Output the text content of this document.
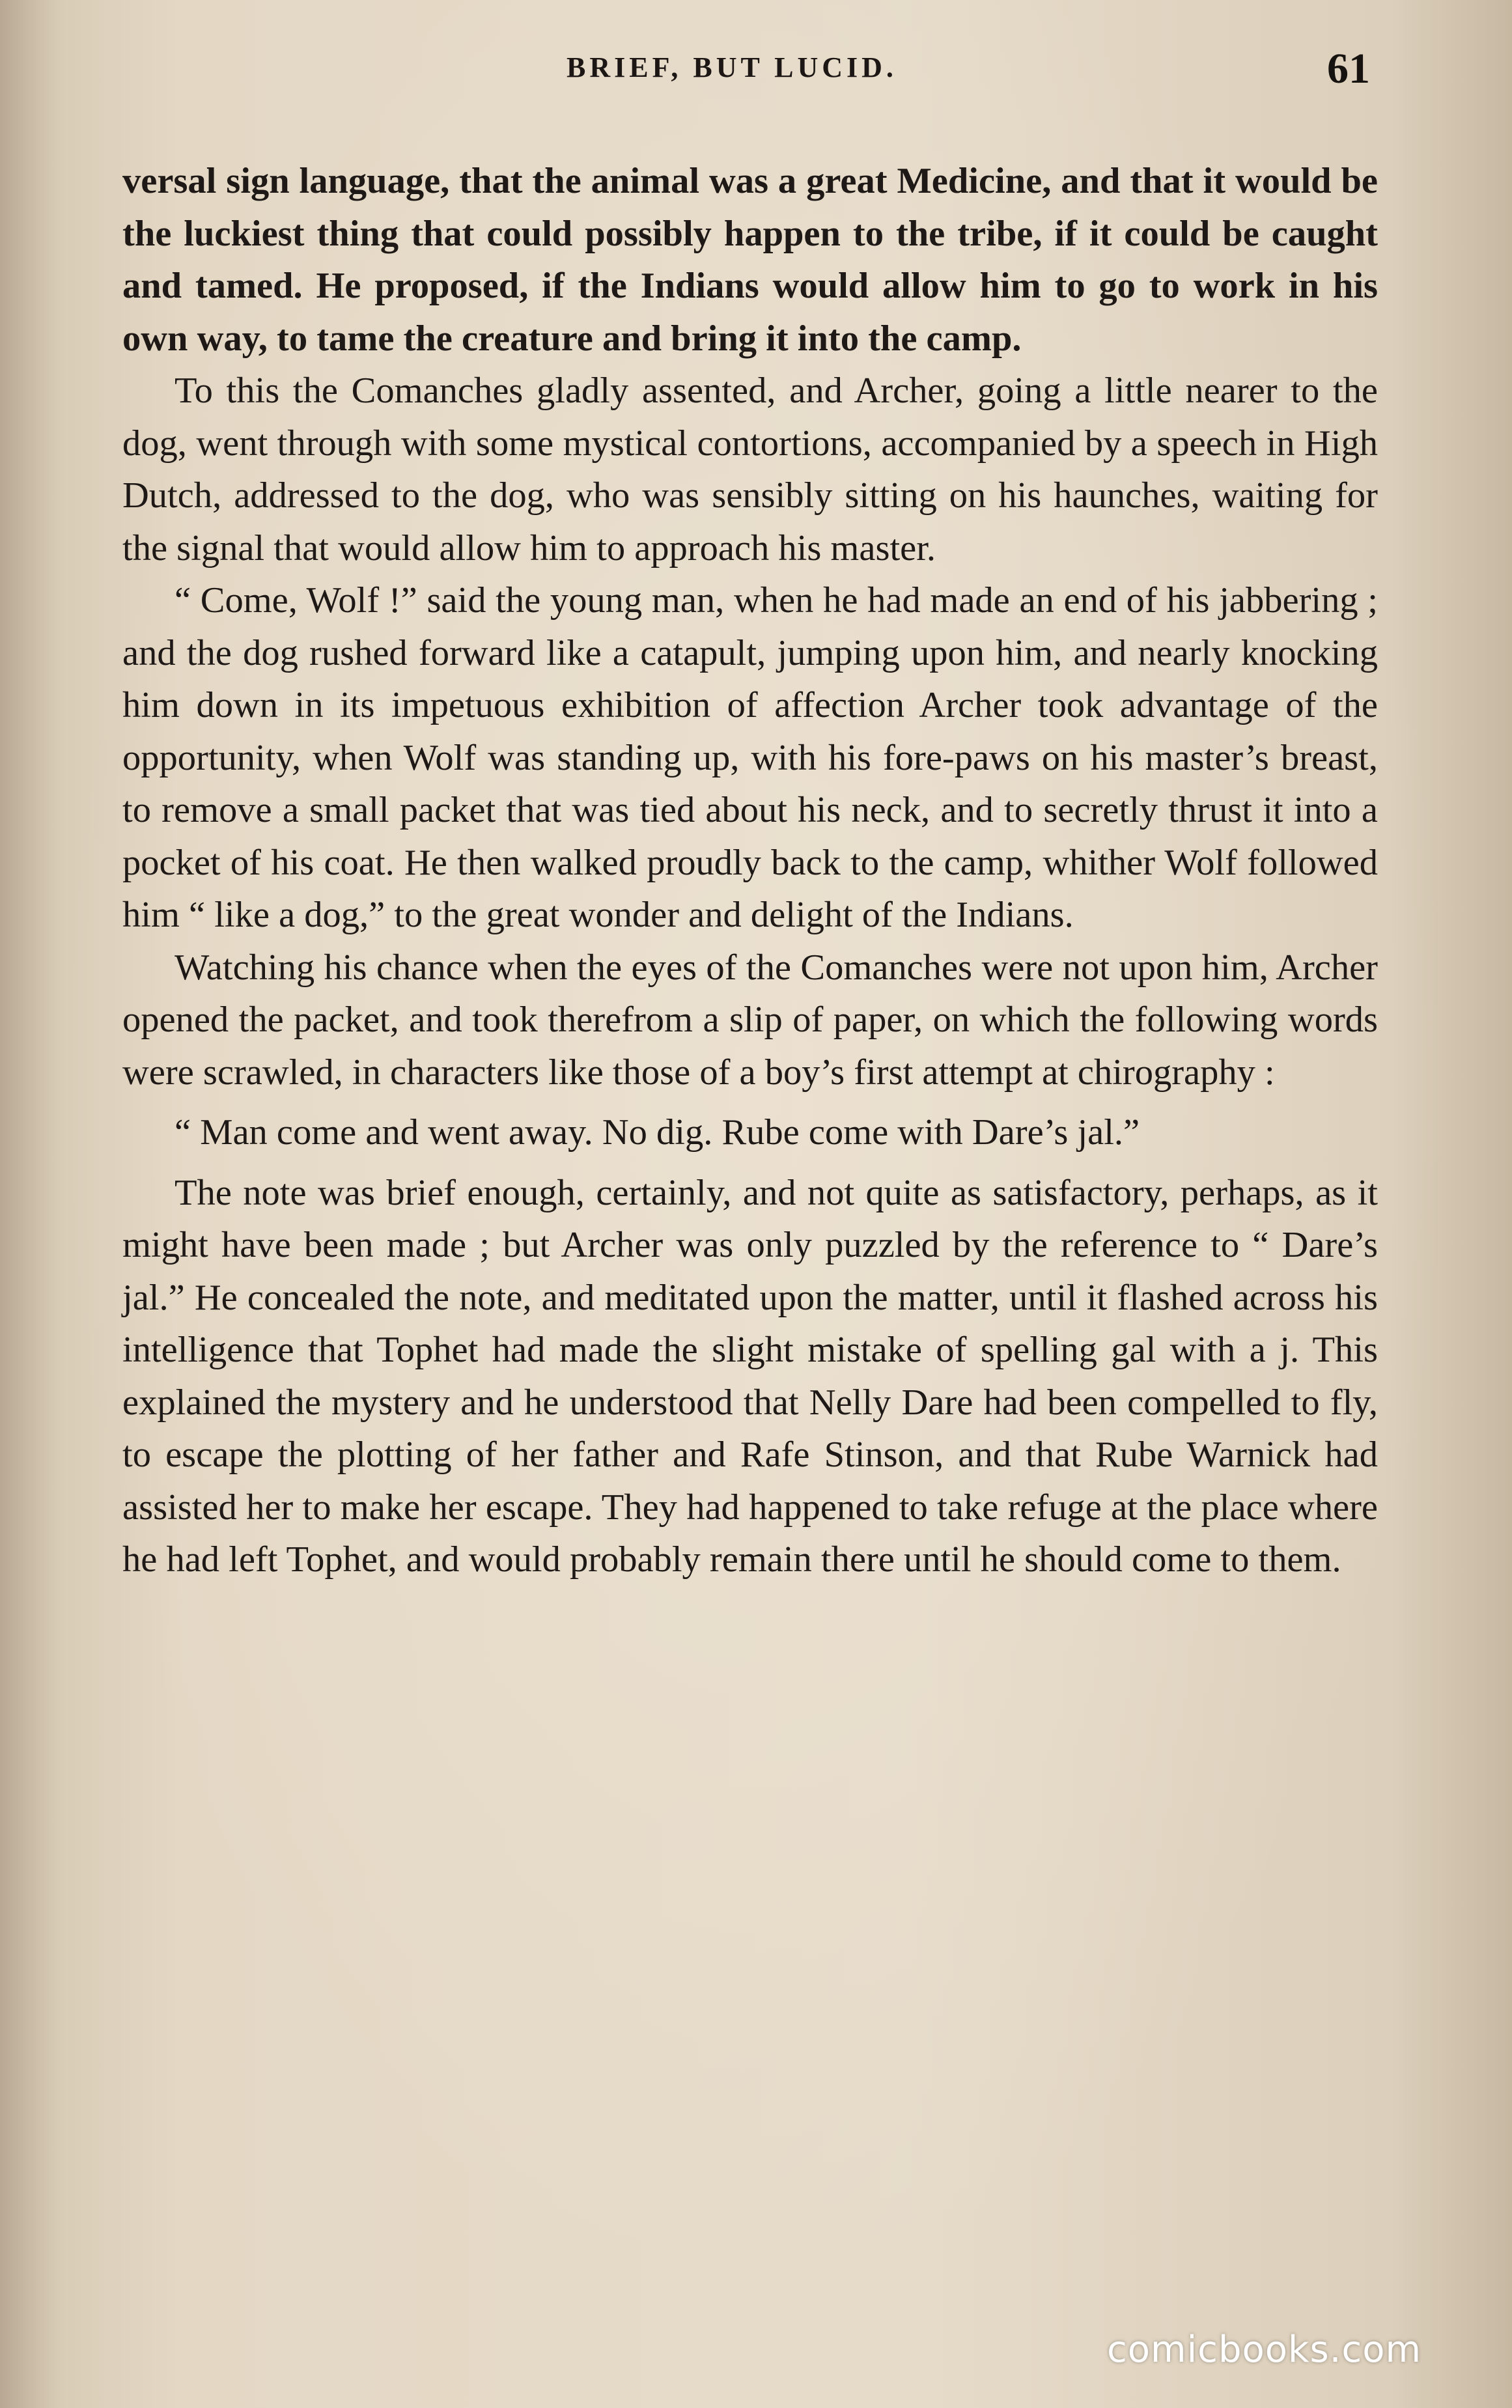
BRIEF, BUT LUCID.	61

versal sign language, that the animal was a great Medicine, and that it would be the luckiest thing that could possibly happen to the tribe, if it could be caught and tamed. He proposed, if the Indians would allow him to go to work in his own way, to tame the creature and bring it into the camp.

To this the Comanches gladly assented, and Archer, going a little nearer to the dog, went through with some mystical contortions, accompanied by a speech in High Dutch, addressed to the dog, who was sensibly sitting on his haunches, waiting for the signal that would allow him to approach his master.

“ Come, Wolf !” said the young man, when he had made an end of his jabbering ; and the dog rushed forward like a catapult, jumping upon him, and nearly knocking him down in its impetuous exhibition of affection Archer took advantage of the opportunity, when Wolf was standing up, with his fore-paws on his master’s breast, to remove a small packet that was tied about his neck, and to secretly thrust it into a pocket of his coat. He then walked proudly back to the camp, whither Wolf followed him “ like a dog,” to the great wonder and delight of the Indians.

Watching his chance when the eyes of the Comanches were not upon him, Archer opened the packet, and took therefrom a slip of paper, on which the following words were scrawled, in characters like those of a boy’s first attempt at chirography :

“ Man come and went away. No dig. Rube come with Dare’s jal.”

The note was brief enough, certainly, and not quite as satisfactory, perhaps, as it might have been made ; but Archer was only puzzled by the reference to “ Dare’s jal.” He concealed the note, and meditated upon the matter, until it flashed across his intelligence that Tophet had made the slight mistake of spelling gal with a j. This explained the mystery and he understood that Nelly Dare had been compelled to fly, to escape the plotting of her father and Rafe Stinson, and that Rube Warnick had assisted her to make her escape. They had happened to take refuge at the place where he had left Tophet, and would probably remain there until he should come to them.

comicbooks.com
